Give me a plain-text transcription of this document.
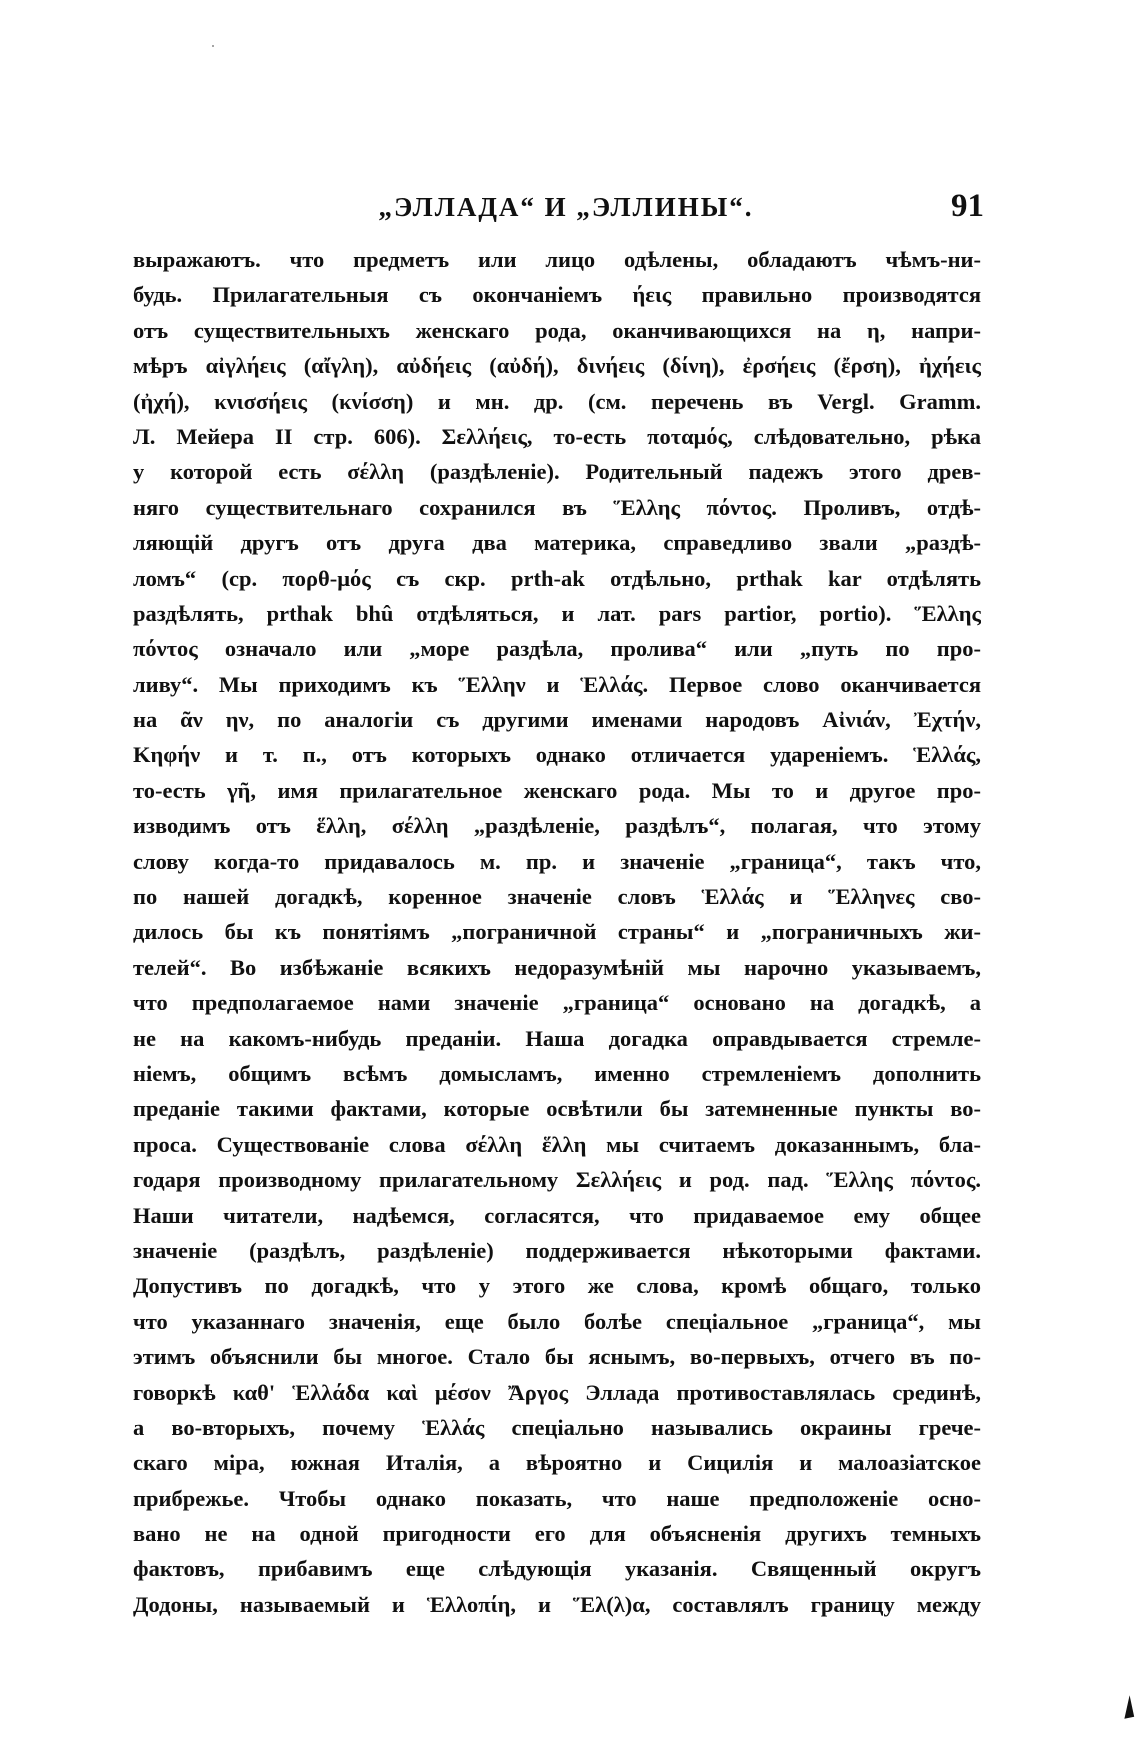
„ЭЛЛАДА“ И „ЭЛЛИНЫ“.	91
выражаютъ. что предметъ или лицо одѣлены, обладаютъ чѣмъ-ни-
будь. Прилагательныя съ окончаніемъ ήεις правильно производятся
отъ существительныхъ женскаго рода, оканчивающихся на η, напри-
мѣръ αἰγλήεις (αἴγλη), αὐδήεις (αὐδή), δινήεις (δίνη), ἐρσήεις (ἔρση), ἠχήεις
(ἠχή), κνισσήεις (κνίσση) и мн. др. (см. перечень въ Vergl. Gramm.
Л. Мейера II стр. 606). Σελλήεις, то-есть ποταμός, слѣдовательно, рѣка
у которой есть σέλλη (раздѣленіе). Родительный падежъ этого древ-
няго существительнаго сохранился въ Ἕλλης πόντος. Проливъ, отдѣ-
ляющій другъ отъ друга два материка, справедливо звали „раздѣ-
ломъ“ (ср. πορθ-μός съ скр. prth-ak отдѣльно, prthak kar отдѣлять
раздѣлять, prthak bhû отдѣляться, и лат. pars partior, portio). Ἕλλης
πόντος означало или „море раздѣла, пролива“ или „путь по про-
ливу“. Мы приходимъ къ Ἕλλην и Ἑλλάς. Первое слово оканчивается
на ᾶν ην, по аналогіи съ другими именами народовъ Αἰνιάν, Ἐχτήν,
Κηφήν и т. п., отъ которыхъ однако отличается удареніемъ. Ἑλλάς,
то-есть γῆ, имя прилагательное женскаго рода. Мы то и другое про-
изводимъ отъ ἕλλη, σέλλη „раздѣленіе, раздѣлъ“, полагая, что этому
слову когда-то придавалось м. пр. и значеніе „граница“, такъ что,
по нашей догадкѣ, коренное значеніе словъ Ἑλλάς и Ἕλληνες сво-
дилось бы къ понятіямъ „пограничной страны“ и „пограничныхъ жи-
телей“. Во избѣжаніе всякихъ недоразумѣній мы нарочно указываемъ,
что предполагаемое нами значеніе „граница“ основано на догадкѣ, а
не на какомъ-нибудь преданіи. Наша догадка оправдывается стремле-
ніемъ, общимъ всѣмъ домысламъ, именно стремленіемъ дополнить
преданіе такими фактами, которые освѣтили бы затемненные пункты во-
проса. Существованіе слова σέλλη ἕλλη мы считаемъ доказаннымъ, бла-
годаря производному прилагательному Σελλήεις и род. пад. Ἕλλης πόντος.
Наши читатели, надѣемся, согласятся, что придаваемое ему общее
значеніе (раздѣлъ, раздѣленіе) поддерживается нѣкоторыми фактами.
Допустивъ по догадкѣ, что у этого же слова, кромѣ общаго, только
что указаннаго значенія, еще было болѣе спеціальное „граница“, мы
этимъ объяснили бы многое. Стало бы яснымъ, во-первыхъ, отчего въ по-
говоркѣ καθ' Ἑλλάδα καὶ μέσον Ἄργος Эллада противоставлялась срединѣ,
а во-вторыхъ, почему Ἑλλάς спеціально назывались окраины грече-
скаго міра, южная Италія, а вѣроятно и Сицилія и малоазіатское
прибрежье. Чтобы однако показать, что наше предположеніе осно-
вано не на одной пригодности его для объясненія другихъ темныхъ
фактовъ, прибавимъ еще слѣдующія указанія. Священный округъ
Додоны, называемый и Ἑλλοπίη, и Ἕλ(λ)α, составлялъ границу между
